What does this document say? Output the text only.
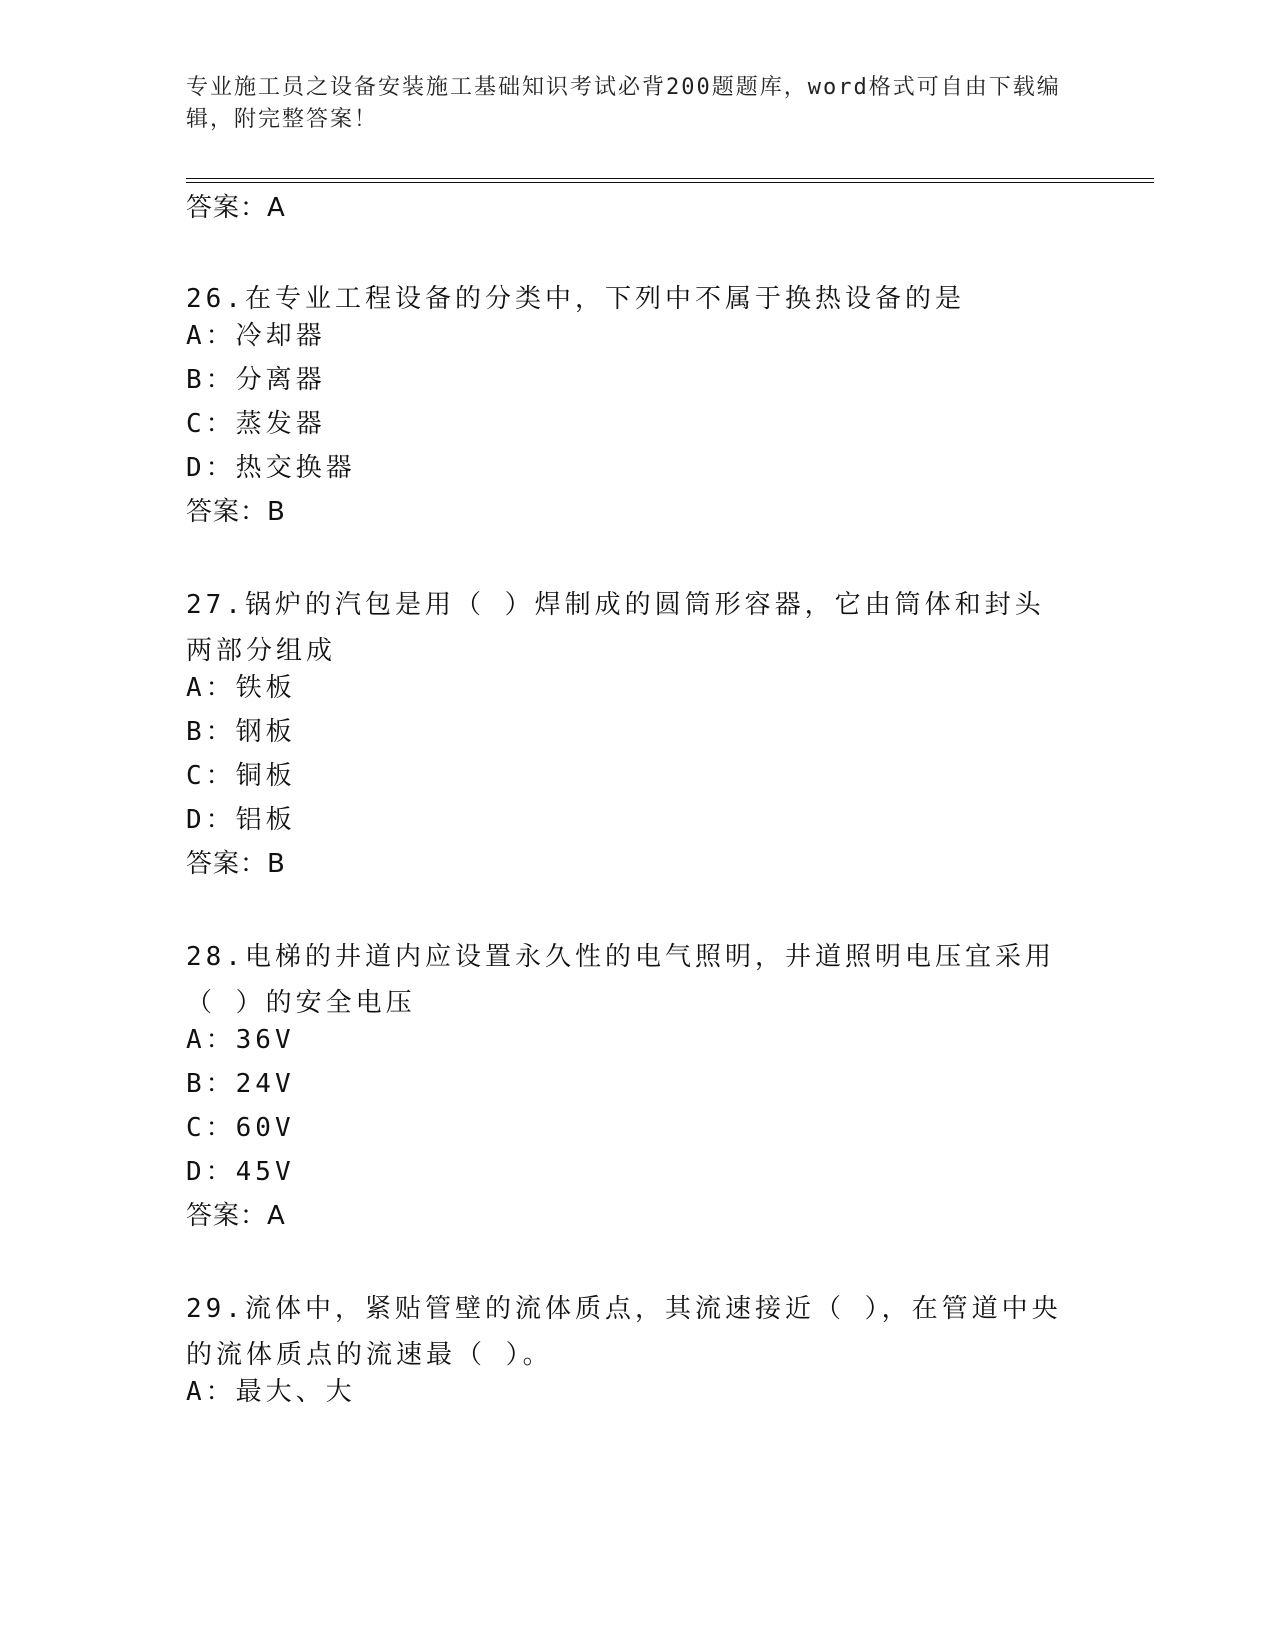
专业施工员之设备安装施工基础知识考试必背200题题库，word格式可自由下载编辑，附完整答案！
答案：A
26.在专业工程设备的分类中，下列中不属于换热设备的是
A：冷却器
B：分离器
C：蒸发器
D：热交换器
答案：B
27.锅炉的汽包是用（ ）焊制成的圆筒形容器，它由筒体和封头两部分组成
A：铁板
B：钢板
C：铜板
D：铝板
答案：B
28.电梯的井道内应设置永久性的电气照明，井道照明电压宜采用（ ）的安全电压
A：36V
B：24V
C：60V
D：45V
答案：A
29.流体中，紧贴管壁的流体质点，其流速接近（ ），在管道中央的流体质点的流速最（ ）。
A：最大、大
